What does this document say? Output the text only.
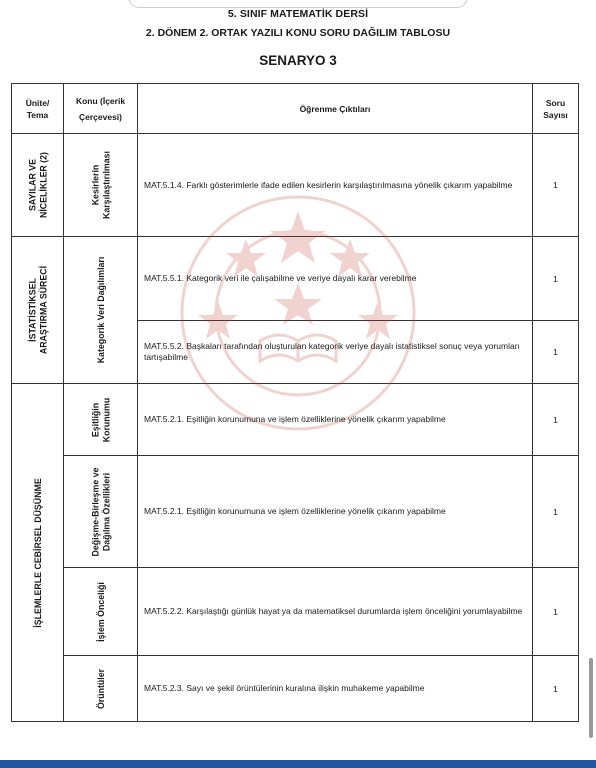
5. SINIF MATEMATİK DERSİ
2. DÖNEM 2. ORTAK YAZILI KONU SORU DAĞILIM TABLOSU
SENARYO 3
Ünite/
Tema	Konu (İçerik
Çerçevesi)	Öğrenme Çıktıları	Soru
Sayısı

SAYILAR VE
NİCELİKLER (2)	Kesirlerin
Karşılaştırılması	MAT.5.1.4. Farklı gösterimlerle ifade edilen kesirlerin karşılaştırılmasına yönelik çıkarım yapabilme	1

İSTATİSTİKSEL
ARAŞTIRMA SÜRECİ	Kategorik Veri Dağılımları	MAT.5.5.1. Kategorik veri ile çalışabilme ve veriye dayalı karar verebilme	1
		MAT.5.5.2. Başkaları tarafından oluşturulan kategorik veriye dayalı istatistiksel sonuç veya yorumları tartışabilme	1

İŞLEMLERLE CEBİRSEL DÜŞÜNME	Eşitliğin
Korunumu	MAT.5.2.1. Eşitliğin korunumuna ve işlem özelliklerine yönelik çıkarım yapabilme	1

	Değişme-Birleşme ve
Dağılma Özellikleri	MAT.5.2.1. Eşitliğin korunumuna ve işlem özelliklerine yönelik çıkarım yapabilme	1

	İşlem Önceliği	MAT.5.2.2. Karşılaştığı günlük hayat ya da matematiksel durumlarda işlem önceliğini yorumlayabilme	1

	Örüntüler	MAT.5.2.3. Sayı ve şekil örüntülerinin kuralına ilişkin muhakeme yapabilme	1
